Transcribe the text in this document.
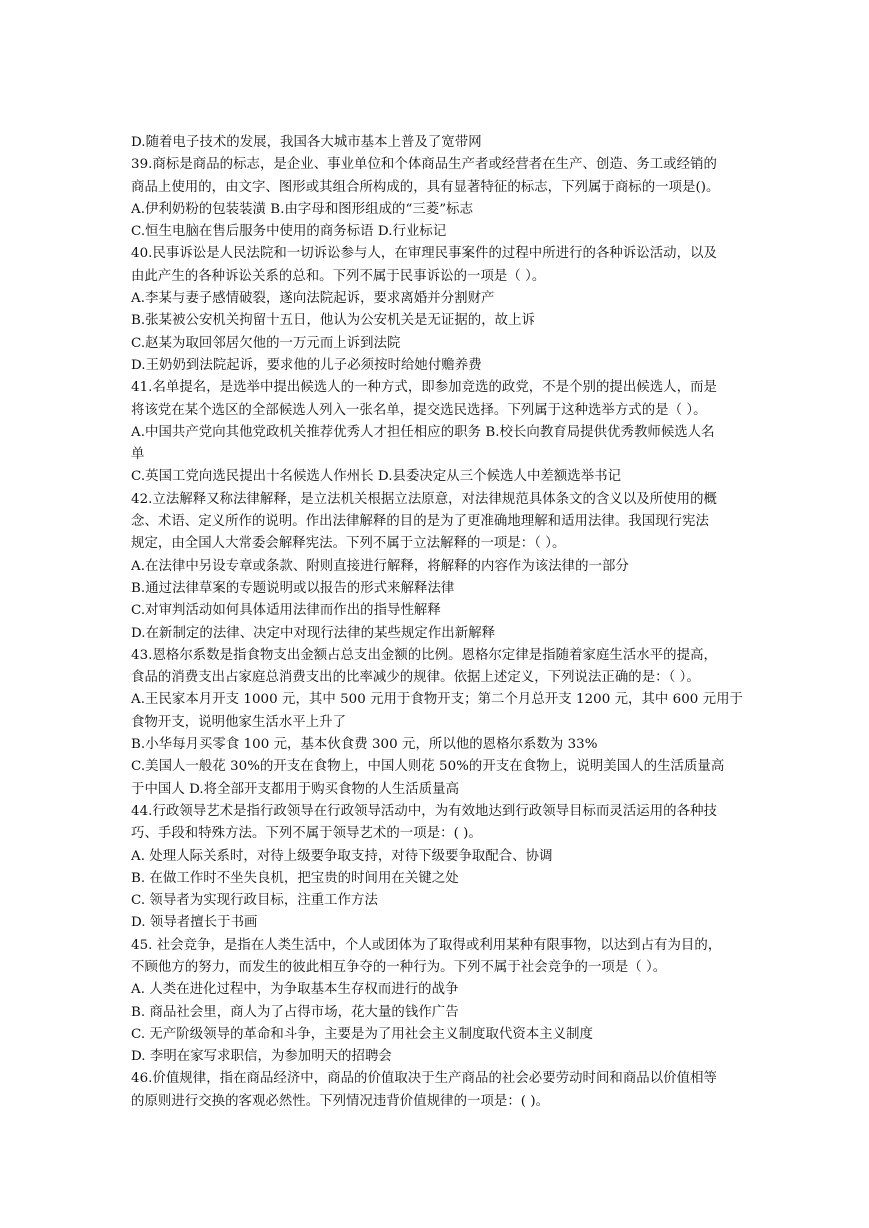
D.随着电子技术的发展，我国各大城市基本上普及了宽带网
39.商标是商品的标志，是企业、事业单位和个体商品生产者或经营者在生产、创造、务工或经销的
商品上使用的，由文字、图形或其组合所构成的，具有显著特征的标志，下列属于商标的一项是()。
A.伊利奶粉的包装装潢 B.由字母和图形组成的“三菱”标志
C.恒生电脑在售后服务中使用的商务标语 D.行业标记
40.民事诉讼是人民法院和一切诉讼参与人，在审理民事案件的过程中所进行的各种诉讼活动，以及
由此产生的各种诉讼关系的总和。下列不属于民事诉讼的一项是（ ）。
A.李某与妻子感情破裂，遂向法院起诉，要求离婚并分割财产
B.张某被公安机关拘留十五日，他认为公安机关是无证据的，故上诉
C.赵某为取回邻居欠他的一万元而上诉到法院
D.王奶奶到法院起诉，要求他的儿子必须按时给她付赡养费
41.名单提名，是选举中提出候选人的一种方式，即参加竞选的政党，不是个别的提出候选人，而是
将该党在某个选区的全部候选人列入一张名单，提交选民选择。下列属于这种选举方式的是（ ）。
A.中国共产党向其他党政机关推荐优秀人才担任相应的职务 B.校长向教育局提供优秀教师候选人名
单
C.英国工党向选民提出十名候选人作州长 D.县委决定从三个候选人中差额选举书记
42.立法解释又称法律解释，是立法机关根据立法原意，对法律规范具体条文的含义以及所使用的概
念、术语、定义所作的说明。作出法律解释的目的是为了更准确地理解和适用法律。我国现行宪法
规定，由全国人大常委会解释宪法。下列不属于立法解释的一项是：（ ）。
A.在法律中另设专章或条款、附则直接进行解释，将解释的内容作为该法律的一部分
B.通过法律草案的专题说明或以报告的形式来解释法律
C.对审判活动如何具体适用法律而作出的指导性解释
D.在新制定的法律、决定中对现行法律的某些规定作出新解释
43.恩格尔系数是指食物支出金额占总支出金额的比例。恩格尔定律是指随着家庭生活水平的提高，
食品的消费支出占家庭总消费支出的比率减少的规律。依据上述定义，下列说法正确的是：（ ）。
A.王民家本月开支 1000 元，其中 500 元用于食物开支；第二个月总开支 1200 元，其中 600 元用于
食物开支，说明他家生活水平上升了
B.小华每月买零食 100 元，基本伙食费 300 元，所以他的恩格尔系数为 33%
C.美国人一般花 30%的开支在食物上，中国人则花 50%的开支在食物上，说明美国人的生活质量高
于中国人 D.将全部开支都用于购买食物的人生活质量高
44.行政领导艺术是指行政领导在行政领导活动中，为有效地达到行政领导目标而灵活运用的各种技
巧、手段和特殊方法。下列不属于领导艺术的一项是：( )。
A. 处理人际关系时，对待上级要争取支持，对待下级要争取配合、协调
B. 在做工作时不坐失良机，把宝贵的时间用在关键之处
C. 领导者为实现行政目标，注重工作方法
D. 领导者擅长于书画
45. 社会竞争，是指在人类生活中，个人或团体为了取得或利用某种有限事物，以达到占有为目的，
不顾他方的努力，而发生的彼此相互争夺的一种行为。下列不属于社会竞争的一项是（ ）。
A. 人类在进化过程中，为争取基本生存权而进行的战争
B. 商品社会里，商人为了占得市场，花大量的钱作广告
C. 无产阶级领导的革命和斗争，主要是为了用社会主义制度取代资本主义制度
D. 李明在家写求职信，为参加明天的招聘会
46.价值规律，指在商品经济中，商品的价值取决于生产商品的社会必要劳动时间和商品以价值相等
的原则进行交换的客观必然性。下列情况违背价值规律的一项是：( )。
